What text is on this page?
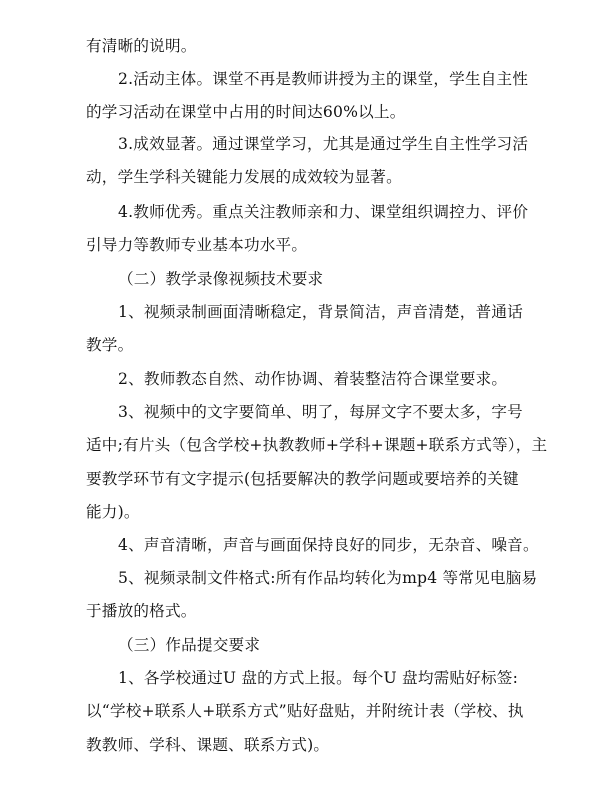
有清晰的说明。
2.活动主体。课堂不再是教师讲授为主的课堂，学生自主性
的学习活动在课堂中占用的时间达60%以上。
3.成效显著。通过课堂学习，尤其是通过学生自主性学习活
动，学生学科关键能力发展的成效较为显著。
4.教师优秀。重点关注教师亲和力、课堂组织调控力、评价
引导力等教师专业基本功水平。
（二）教学录像视频技术要求
1、视频录制画面清晰稳定，背景简洁，声音清楚，普通话
教学。
2、教师教态自然、动作协调、着装整洁符合课堂要求。
3、视频中的文字要简单、明了，每屏文字不要太多，字号
适中;有片头（包含学校+执教教师+学科+课题+联系方式等），主
要教学环节有文字提示(包括要解决的教学问题或要培养的关键
能力)。
4、声音清晰，声音与画面保持良好的同步，无杂音、噪音。
5、视频录制文件格式:所有作品均转化为mp4 等常见电脑易
于播放的格式。
（三）作品提交要求
1、各学校通过U 盘的方式上报。每个U 盘均需贴好标签:
以“学校+联系人+联系方式”贴好盘贴，并附统计表（学校、执
教教师、学科、课题、联系方式)。
